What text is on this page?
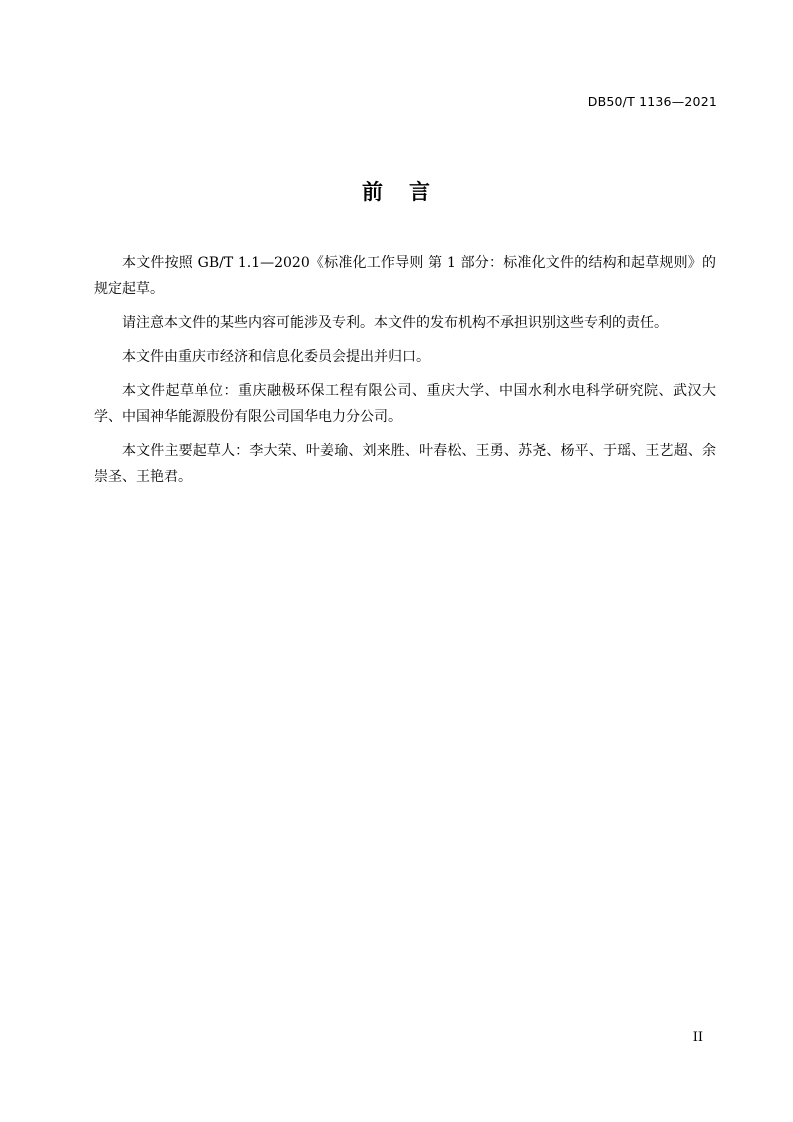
DB50/T 1136—2021
前   言

本文件按照 GB/T 1.1—2020《标准化工作导则 第 1 部分：标准化文件的结构和起草规则》的规定起草。

请注意本文件的某些内容可能涉及专利。本文件的发布机构不承担识别这些专利的责任。

本文件由重庆市经济和信息化委员会提出并归口。

本文件起草单位：重庆融极环保工程有限公司、重庆大学、中国水利水电科学研究院、武汉大学、中国神华能源股份有限公司国华电力分公司。

本文件主要起草人：李大荣、叶姜瑜、刘来胜、叶春松、王勇、苏尧、杨平、于瑶、王艺超、余崇圣、王艳君。

II
